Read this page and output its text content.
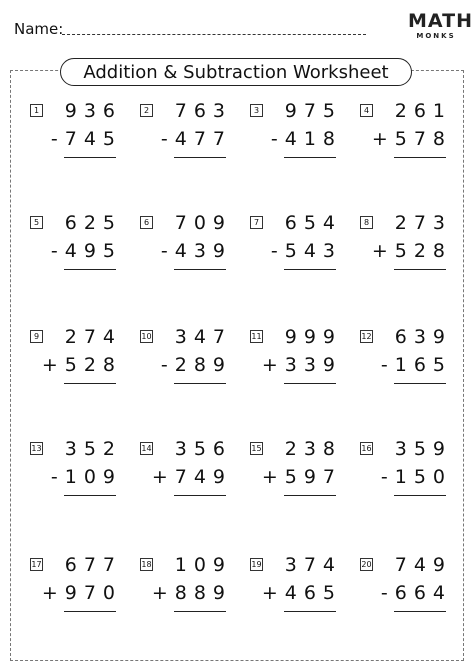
Name:	MATH
MONKS
Addition & Subtraction Worksheet
1 936
-745
2 763
-477
3 975
-418
4 261
+578
5 625
-495
6 709
-439
7 654
-543
8 273
+528
9 274
+528
10 347
-289
11 999
+339
12 639
-165
13 352
-109
14 356
+749
15 238
+597
16 359
-150
17 677
+970
18 109
+889
19 374
+465
20 749
-664
